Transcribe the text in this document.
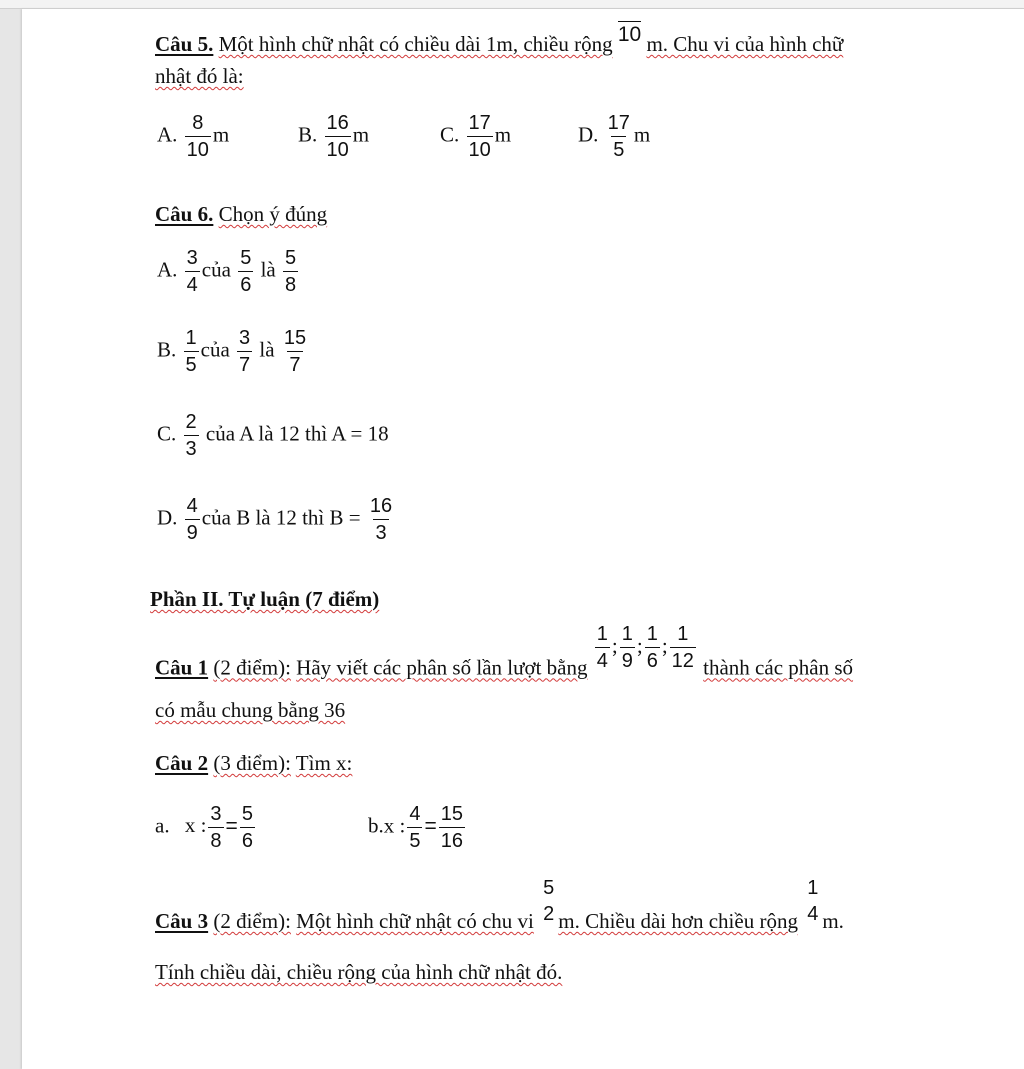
Câu 5. Một hình chữ nhật có chiều dài 1m, chiều rộng 10 m. Chu vi của hình chữ
nhật đó là:
A. $\frac{8}{10}$ m	B. $\frac{16}{10}$ m	C. $\frac{17}{10}$ m	D. $\frac{17}{5}$ m
Câu 6. Chọn ý đúng
A. $\frac{3}{4}$ của $\frac{5}{6}$ là $\frac{5}{8}$
B. $\frac{1}{5}$ của $\frac{3}{7}$ là $\frac{15}{7}$
C. $\frac{2}{3}$ của A là 12 thì A = 18
D. $\frac{4}{9}$ của B là 12 thì $B = \frac{16}{3}$
Phần II. Tự luận (7 điểm)
Câu 1 (2 điểm): Hãy viết các phân số lần lượt bằng $\frac{1}{4}$ ; $\frac{1}{9}$ ; $\frac{1}{6}$ ; $\frac{1}{12}$ thành các phân số
có mẫu chung bằng 36
Câu 2 (3 điểm): Tìm x:
a. x : $\frac{3}{8} = \frac{5}{6}$	b.x : $\frac{4}{5} = \frac{15}{16}$
Câu 3 (2 điểm): Một hình chữ nhật có chu vi
5
2 m. Chiều dài hơn chiều rộng
1
4 m.
Tính chiều dài, chiều rộng của hình chữ nhật đó.
